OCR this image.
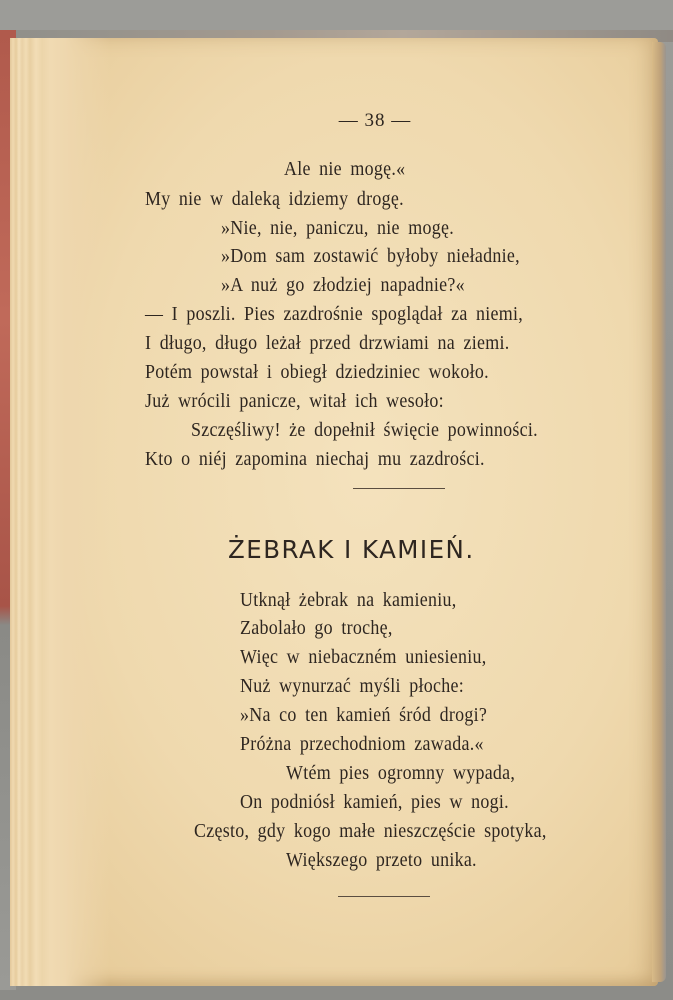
— 38 —
Ale nie mogę.«
My nie w daleką idziemy drogę.
»Nie, nie, paniczu, nie mogę.
»Dom sam zostawić byłoby nieładnie,
»A nuż go złodziej napadnie?«
— I poszli. Pies zazdrośnie spoglądał za niemi,
I długo, długo leżał przed drzwiami na ziemi.
Potém powstał i obiegł dziedziniec wokoło.
Już wrócili panicze, witał ich wesoło:
Szczęśliwy! że dopełnił święcie powinności.
Kto o niéj zapomina niechaj mu zazdrości.
ŻEBRAK I KAMIEŃ.
Utknął żebrak na kamieniu,
Zabolało go trochę,
Więc w niebaczném uniesieniu,
Nuż wynurzać myśli płoche:
»Na co ten kamień śród drogi?
Próżna przechodniom zawada.«
Wtém pies ogromny wypada,
On podniósł kamień, pies w nogi.
Często, gdy kogo małe nieszczęście spotyka,
Większego przeto unika.
